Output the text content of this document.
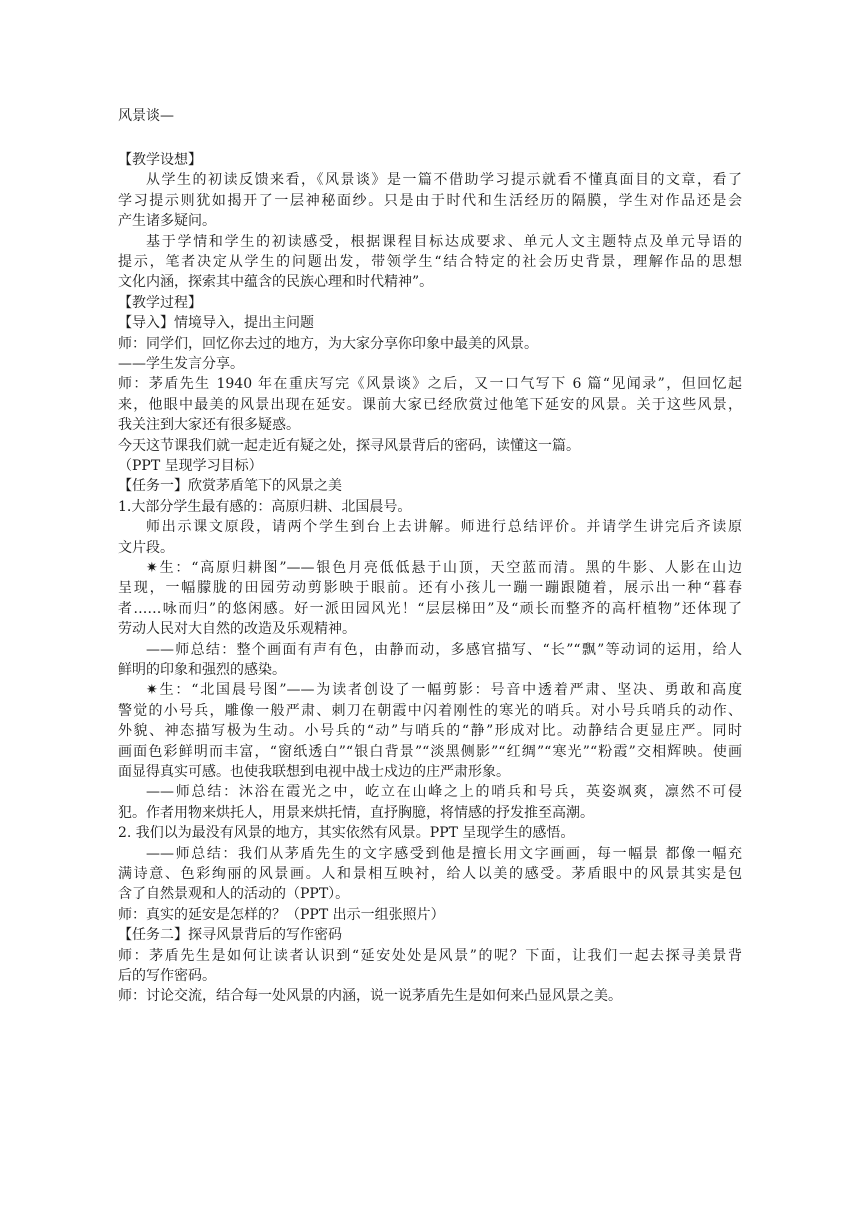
风景谈—
【教学设想】
从学生的初读反馈来看，《风景谈》是一篇不借助学习提示就看不懂真面目的文章，看了
学习提示则犹如揭开了一层神秘面纱。只是由于时代和生活经历的隔膜，学生对作品还是会
产生诸多疑问。
基于学情和学生的初读感受，根据课程目标达成要求、单元人文主题特点及单元导语的
提示，笔者决定从学生的问题出发，带领学生“结合特定的社会历史背景，理解作品的思想
文化内涵，探索其中蕴含的民族心理和时代精神”。
【教学过程】
【导入】情境导入，提出主问题
师：同学们，回忆你去过的地方，为大家分享你印象中最美的风景。
——学生发言分享。
师：茅盾先生 1940 年在重庆写完《风景谈》之后，又一口气写下 6 篇“见闻录”，但回忆起
来，他眼中最美的风景出现在延安。课前大家已经欣赏过他笔下延安的风景。关于这些风景，
我关注到大家还有很多疑惑。
今天这节课我们就一起走近有疑之处，探寻风景背后的密码，读懂这一篇。
（PPT 呈现学习目标）
【任务一】欣赏茅盾笔下的风景之美
1.大部分学生最有感的：高原归耕、北国晨号。
师出示课文原段，请两个学生到台上去讲解。师进行总结评价。并请学生讲完后齐读原
文片段。
✷生：“高原归耕图”——银色月亮低低悬于山顶，天空蓝而清。黑的牛影、人影在山边
呈现，一幅朦胧的田园劳动剪影映于眼前。还有小孩儿一蹦一蹦跟随着，展示出一种“暮春
者……咏而归”的悠闲感。好一派田园风光！“层层梯田”及“顽长而整齐的高杆植物”还体现了
劳动人民对大自然的改造及乐观精神。
——师总结：整个画面有声有色，由静而动，多感官描写、“长”“飘”等动词的运用，给人
鲜明的印象和强烈的感染。
✷生：“北国晨号图”——为读者创设了一幅剪影：号音中透着严肃、坚决、勇敢和高度
警觉的小号兵，雕像一般严肃、刺刀在朝霞中闪着刚性的寒光的哨兵。对小号兵哨兵的动作、
外貌、神态描写极为生动。小号兵的“动”与哨兵的“静”形成对比。动静结合更显庄严。同时
画面色彩鲜明而丰富，“窗纸透白”“银白背景”“淡黑侧影”“红绸”“寒光”“粉霞”交相辉映。使画
面显得真实可感。也使我联想到电视中战士戍边的庄严肃形象。
——师总结：沐浴在霞光之中，屹立在山峰之上的哨兵和号兵，英姿飒爽，凛然不可侵
犯。作者用物来烘托人，用景来烘托情，直抒胸臆，将情感的抒发推至高潮。
2. 我们以为最没有风景的地方，其实依然有风景。PPT 呈现学生的感悟。
——师总结：我们从茅盾先生的文字感受到他是擅长用文字画画，每一幅景 都像一幅充
满诗意、色彩绚丽的风景画。人和景相互映衬，给人以美的感受。茅盾眼中的风景其实是包
含了自然景观和人的活动的（PPT）。
师：真实的延安是怎样的？（PPT 出示一组张照片）
【任务二】探寻风景背后的写作密码
师：茅盾先生是如何让读者认识到“延安处处是风景”的呢？下面，让我们一起去探寻美景背
后的写作密码。
师：讨论交流，结合每一处风景的内涵，说一说茅盾先生是如何来凸显风景之美。
